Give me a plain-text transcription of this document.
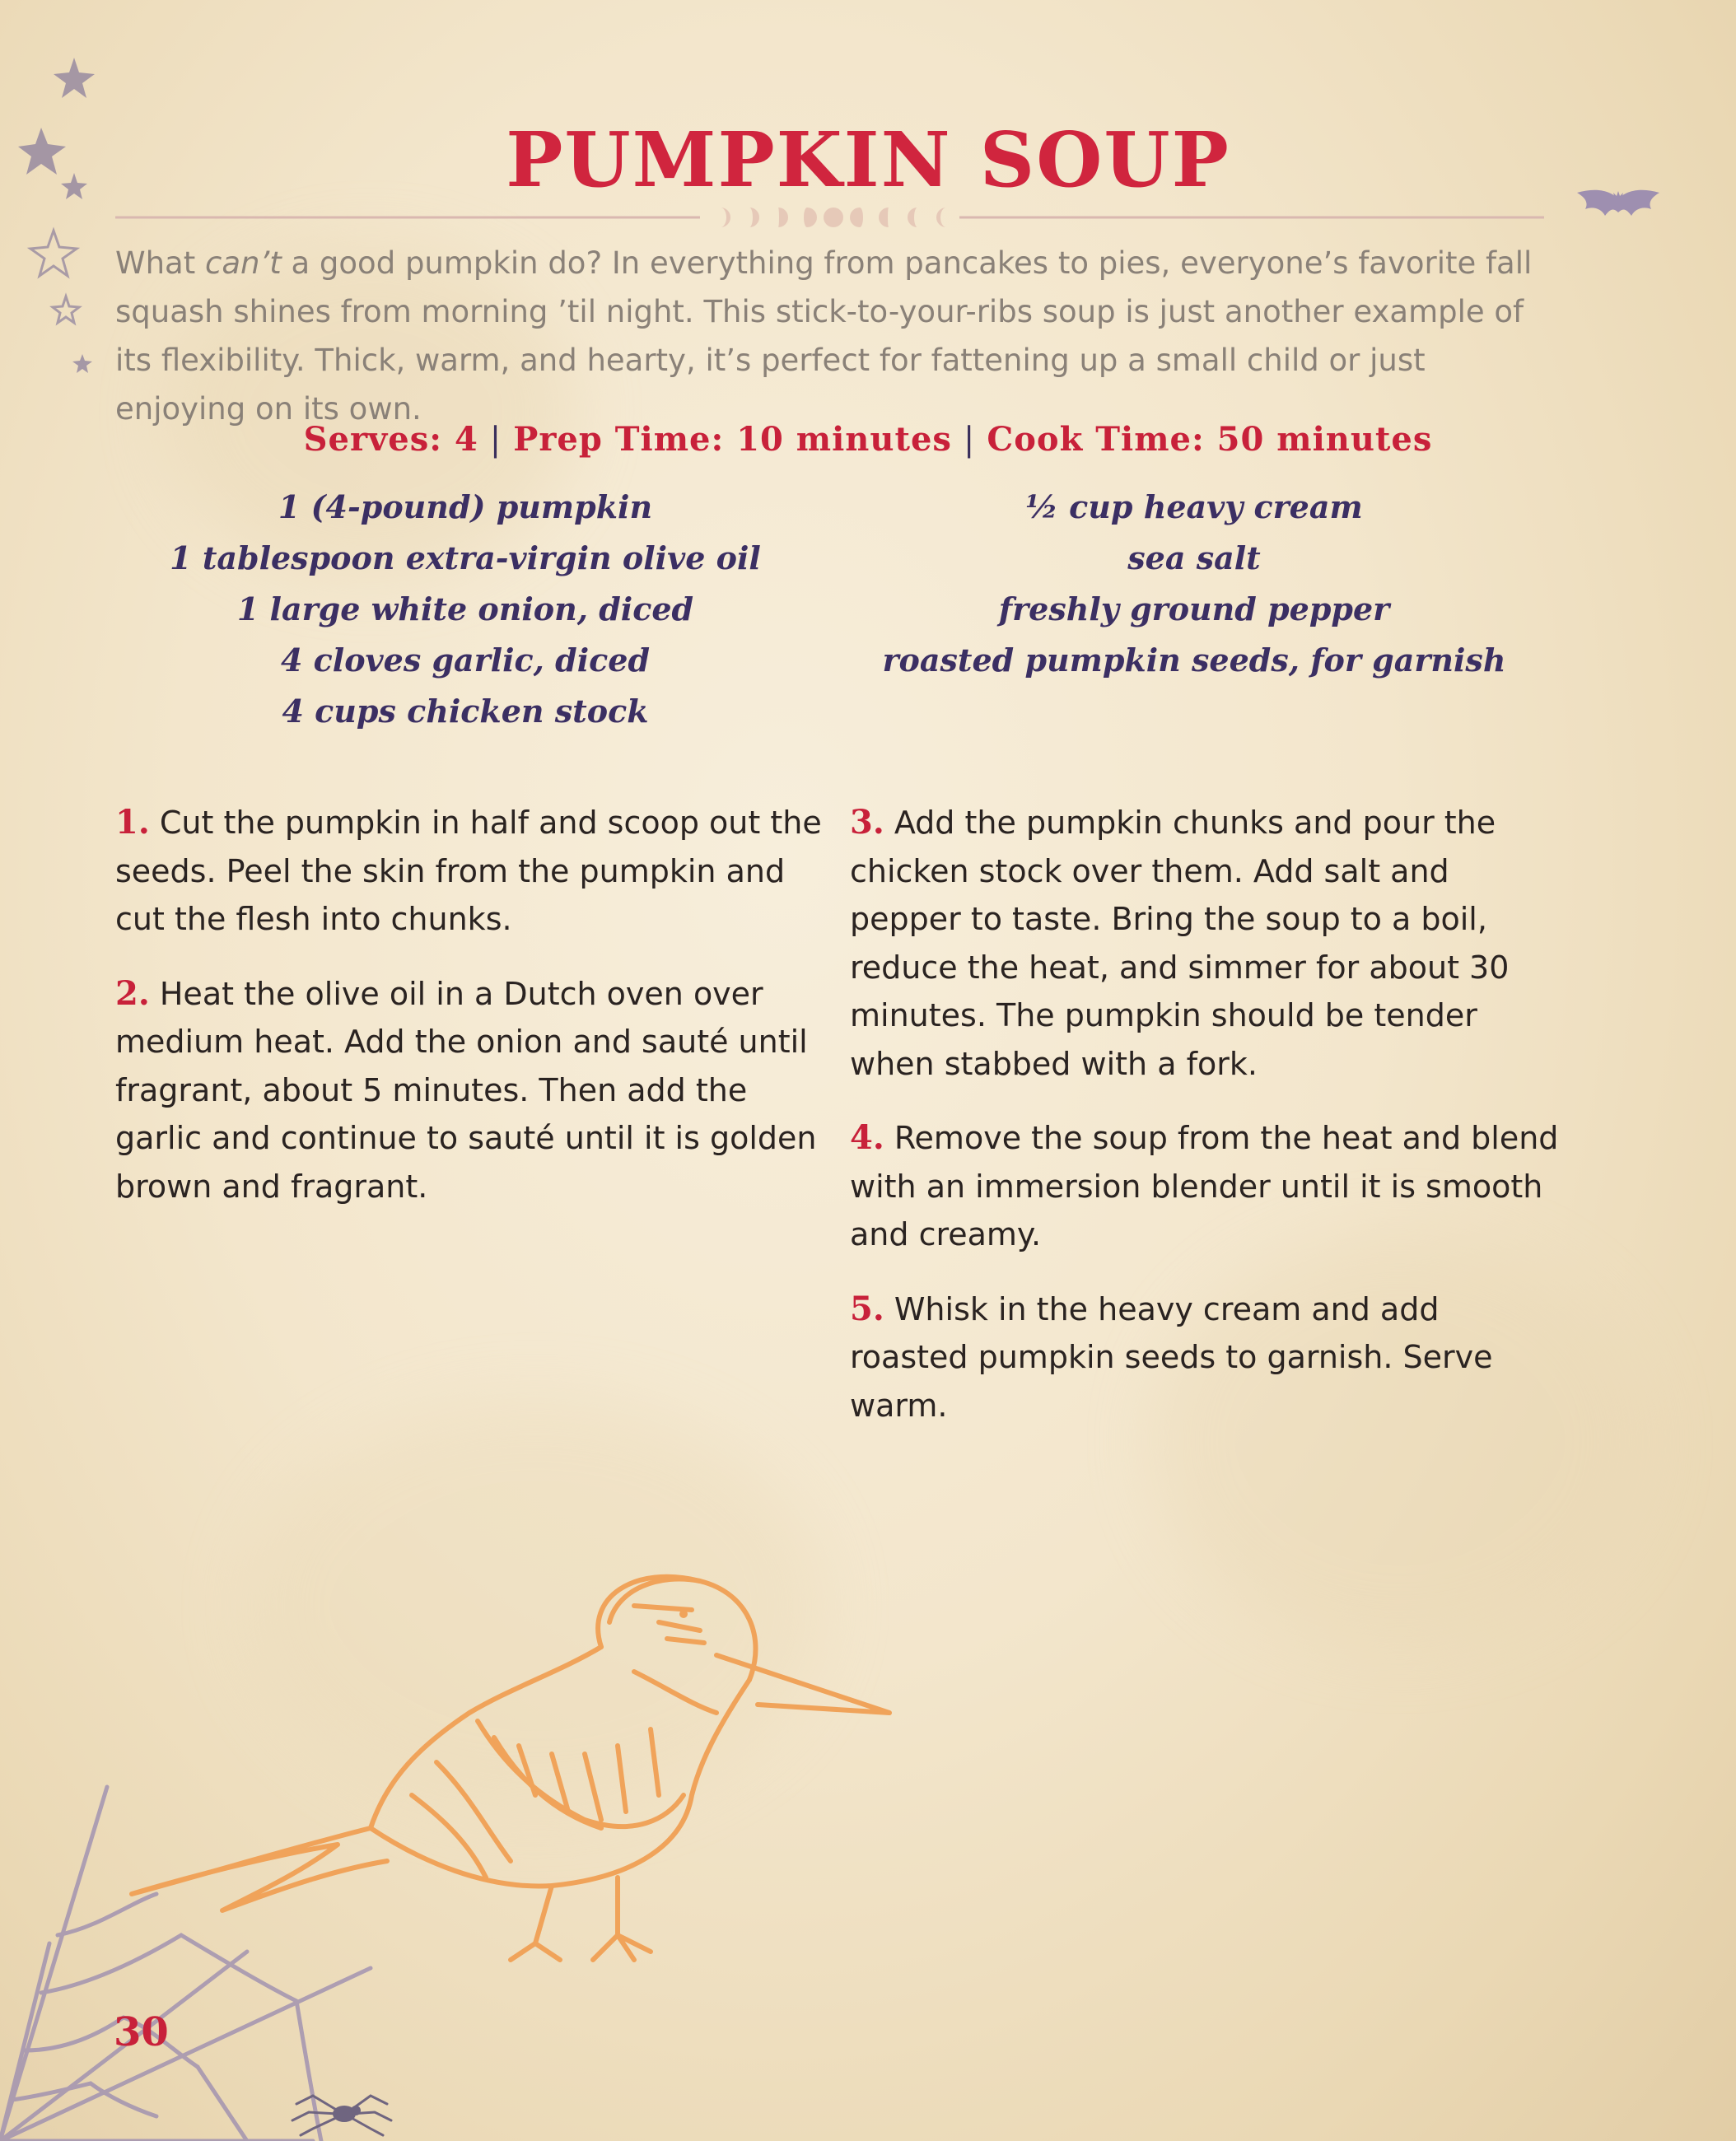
PUMPKIN SOUP

What can’t a good pumpkin do? In everything from pancakes to pies, everyone’s favorite fall squash shines from morning ’til night. This stick-to-your-ribs soup is just another example of its flexibility. Thick, warm, and hearty, it’s perfect for fattening up a small child or just enjoying on its own.

Serves: 4 | Prep Time: 10 minutes | Cook Time: 50 minutes
1 (4-pound) pumpkin
1 tablespoon extra-virgin olive oil
1 large white onion, diced
4 cloves garlic, diced
4 cups chicken stock
½ cup heavy cream
sea salt
freshly ground pepper
roasted pumpkin seeds, for garnish

1. Cut the pumpkin in half and scoop out the seeds. Peel the skin from the pumpkin and cut the flesh into chunks.

2. Heat the olive oil in a Dutch oven over medium heat. Add the onion and sauté until fragrant, about 5 minutes. Then add the garlic and continue to sauté until it is golden brown and fragrant.

3. Add the pumpkin chunks and pour the chicken stock over them. Add salt and pepper to taste. Bring the soup to a boil, reduce the heat, and simmer for about 30 minutes. The pumpkin should be tender when stabbed with a fork.

4. Remove the soup from the heat and blend with an immersion blender until it is smooth and creamy.

5. Whisk in the heavy cream and add roasted pumpkin seeds to garnish. Serve warm.

30
